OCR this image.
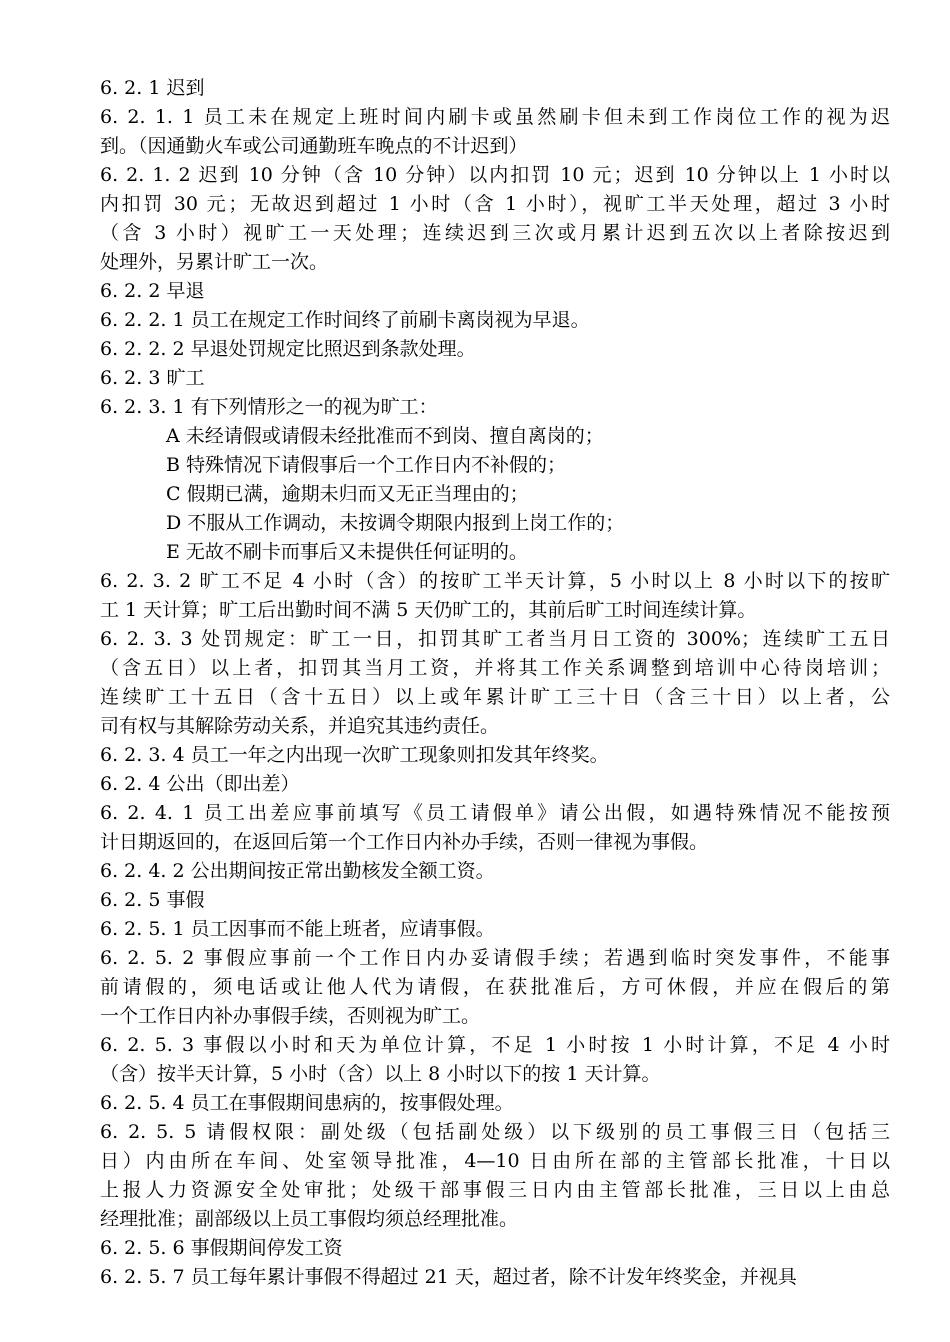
6. 2. 1 迟到
6. 2. 1. 1 员工未在规定上班时间内刷卡或虽然刷卡但未到工作岗位工作的视为迟
到。（因通勤火车或公司通勤班车晚点的不计迟到）
6. 2. 1. 2 迟到 10 分钟（含 10 分钟）以内扣罚 10 元；迟到 10 分钟以上 1 小时以
内扣罚 30 元；无故迟到超过 1 小时（含 1 小时），视旷工半天处理，超过 3 小时
（含 3 小时）视旷工一天处理；连续迟到三次或月累计迟到五次以上者除按迟到
处理外，另累计旷工一次。
6. 2. 2 早退
6. 2. 2. 1 员工在规定工作时间终了前刷卡离岗视为早退。
6. 2. 2. 2 早退处罚规定比照迟到条款处理。
6. 2. 3 旷工
6. 2. 3. 1 有下列情形之一的视为旷工：
A 未经请假或请假未经批准而不到岗、擅自离岗的；
B 特殊情况下请假事后一个工作日内不补假的；
C 假期已满，逾期未归而又无正当理由的；
D 不服从工作调动，未按调令期限内报到上岗工作的；
E 无故不刷卡而事后又未提供任何证明的。
6. 2. 3. 2 旷工不足 4 小时（含）的按旷工半天计算，5 小时以上 8 小时以下的按旷
工 1 天计算；旷工后出勤时间不满 5 天仍旷工的，其前后旷工时间连续计算。
6. 2. 3. 3 处罚规定：旷工一日，扣罚其旷工者当月日工资的 300%；连续旷工五日
（含五日）以上者，扣罚其当月工资，并将其工作关系调整到培训中心待岗培训；
连续旷工十五日（含十五日）以上或年累计旷工三十日（含三十日）以上者，公
司有权与其解除劳动关系，并追究其违约责任。
6. 2. 3. 4 员工一年之内出现一次旷工现象则扣发其年终奖。
6. 2. 4 公出（即出差）
6. 2. 4. 1 员工出差应事前填写《员工请假单》请公出假，如遇特殊情况不能按预
计日期返回的，在返回后第一个工作日内补办手续，否则一律视为事假。
6. 2. 4. 2 公出期间按正常出勤核发全额工资。
6. 2. 5 事假
6. 2. 5. 1 员工因事而不能上班者，应请事假。
6. 2. 5. 2 事假应事前一个工作日内办妥请假手续；若遇到临时突发事件，不能事
前请假的，须电话或让他人代为请假，在获批准后，方可休假，并应在假后的第
一个工作日内补办事假手续，否则视为旷工。
6. 2. 5. 3 事假以小时和天为单位计算，不足 1 小时按 1 小时计算，不足 4 小时
（含）按半天计算，5 小时（含）以上 8 小时以下的按 1 天计算。
6. 2. 5. 4 员工在事假期间患病的，按事假处理。
6. 2. 5. 5 请假权限：副处级（包括副处级）以下级别的员工事假三日（包括三
日）内由所在车间、处室领导批准，4—10 日由所在部的主管部长批准，十日以
上报人力资源安全处审批；处级干部事假三日内由主管部长批准，三日以上由总
经理批准；副部级以上员工事假均须总经理批准。
6. 2. 5. 6 事假期间停发工资
6. 2. 5. 7 员工每年累计事假不得超过 21 天，超过者，除不计发年终奖金，并视具
